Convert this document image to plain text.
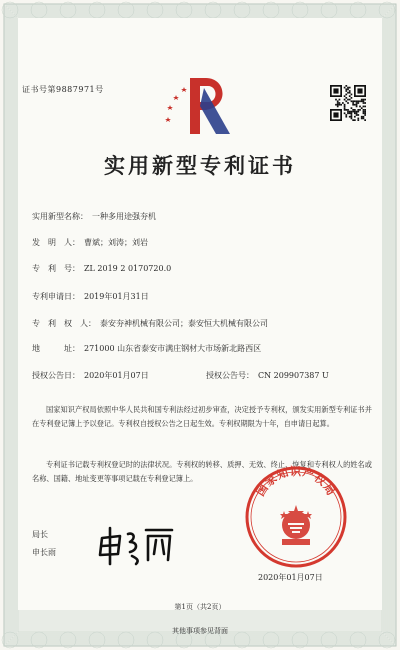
证书号第9887971号
实用新型专利证书
实用新型名称： 一种多用途强夯机
发　明　人： 曹斌；刘涛；刘岩
专　利　号： ZL 2019 2 0170720.0
专利申请日： 2019年01月31日
专　利　权　人： 泰安夯神机械有限公司；泰安恒大机械有限公司
地　　　址： 271000 山东省泰安市满庄钢材大市场新北路西区
授权公告日： 2020年01月07日	授权公告号： CN 209907387 U
国家知识产权局依照中华人民共和国专利法经过初步审查，决定授予专利权，颁发实用新型专利证书并在专利登记簿上予以登记。专利权自授权公告之日起生效。专利权期限为十年，自申请日起算。
专利证书记载专利权登记时的法律状况。专利权的转移、质押、无效、终止、恢复和专利权人的姓名或名称、国籍、地址变更等事项记载在专利登记簿上。
局长
申长雨
国家知识产权局
2020年01月07日
第1页（共2页）
其他事项参见背面
